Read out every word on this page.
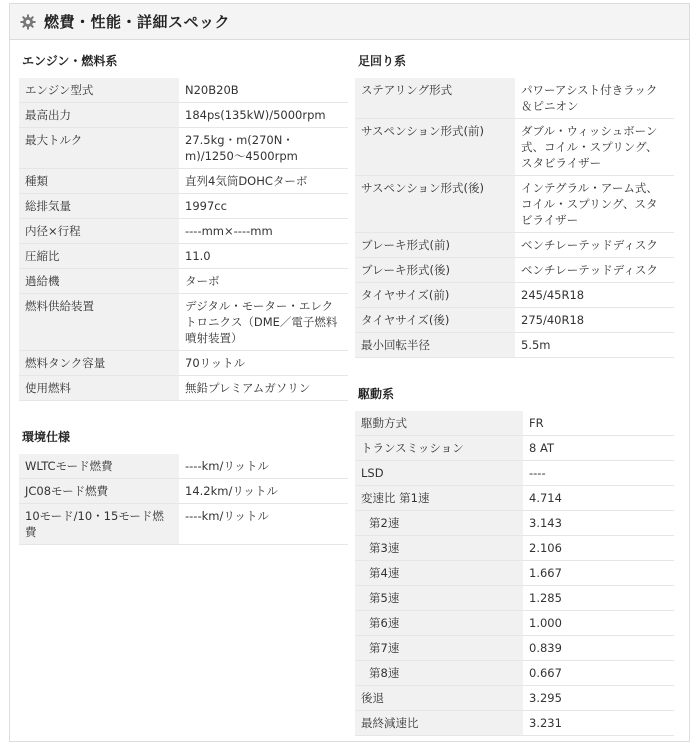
燃費・性能・詳細スペック
エンジン・燃料系
エンジン型式	N20B20B
最高出力	184ps(135kW)/5000rpm
最大トルク	27.5kg・m(270N・m)/1250〜4500rpm
種類	直列4気筒DOHCターボ
総排気量	1997cc
内径×行程	----mm×----mm
圧縮比	11.0
過給機	ターボ
燃料供給装置	デジタル・モーター・エレクトロニクス（DME／電子燃料噴射装置）
燃料タンク容量	70リットル
使用燃料	無鉛プレミアムガソリン
環境仕様
WLTCモード燃費	----km/リットル
JC08モード燃費	14.2km/リットル
10モード/10・15モード燃費	----km/リットル
足回り系
ステアリング形式	パワーアシスト付きラック＆ピニオン
サスペンション形式(前)	ダブル・ウィッシュボーン式、コイル・スプリング、スタビライザー
サスペンション形式(後)	インテグラル・アーム式、コイル・スプリング、スタビライザー
ブレーキ形式(前)	ベンチレーテッドディスク
ブレーキ形式(後)	ベンチレーテッドディスク
タイヤサイズ(前)	245/45R18
タイヤサイズ(後)	275/40R18
最小回転半径	5.5m
駆動系
駆動方式	FR
トランスミッション	8 AT
LSD	----
変速比 第1速	4.714
第2速	3.143
第3速	2.106
第4速	1.667
第5速	1.285
第6速	1.000
第7速	0.839
第8速	0.667
後退	3.295
最終減速比	3.231
